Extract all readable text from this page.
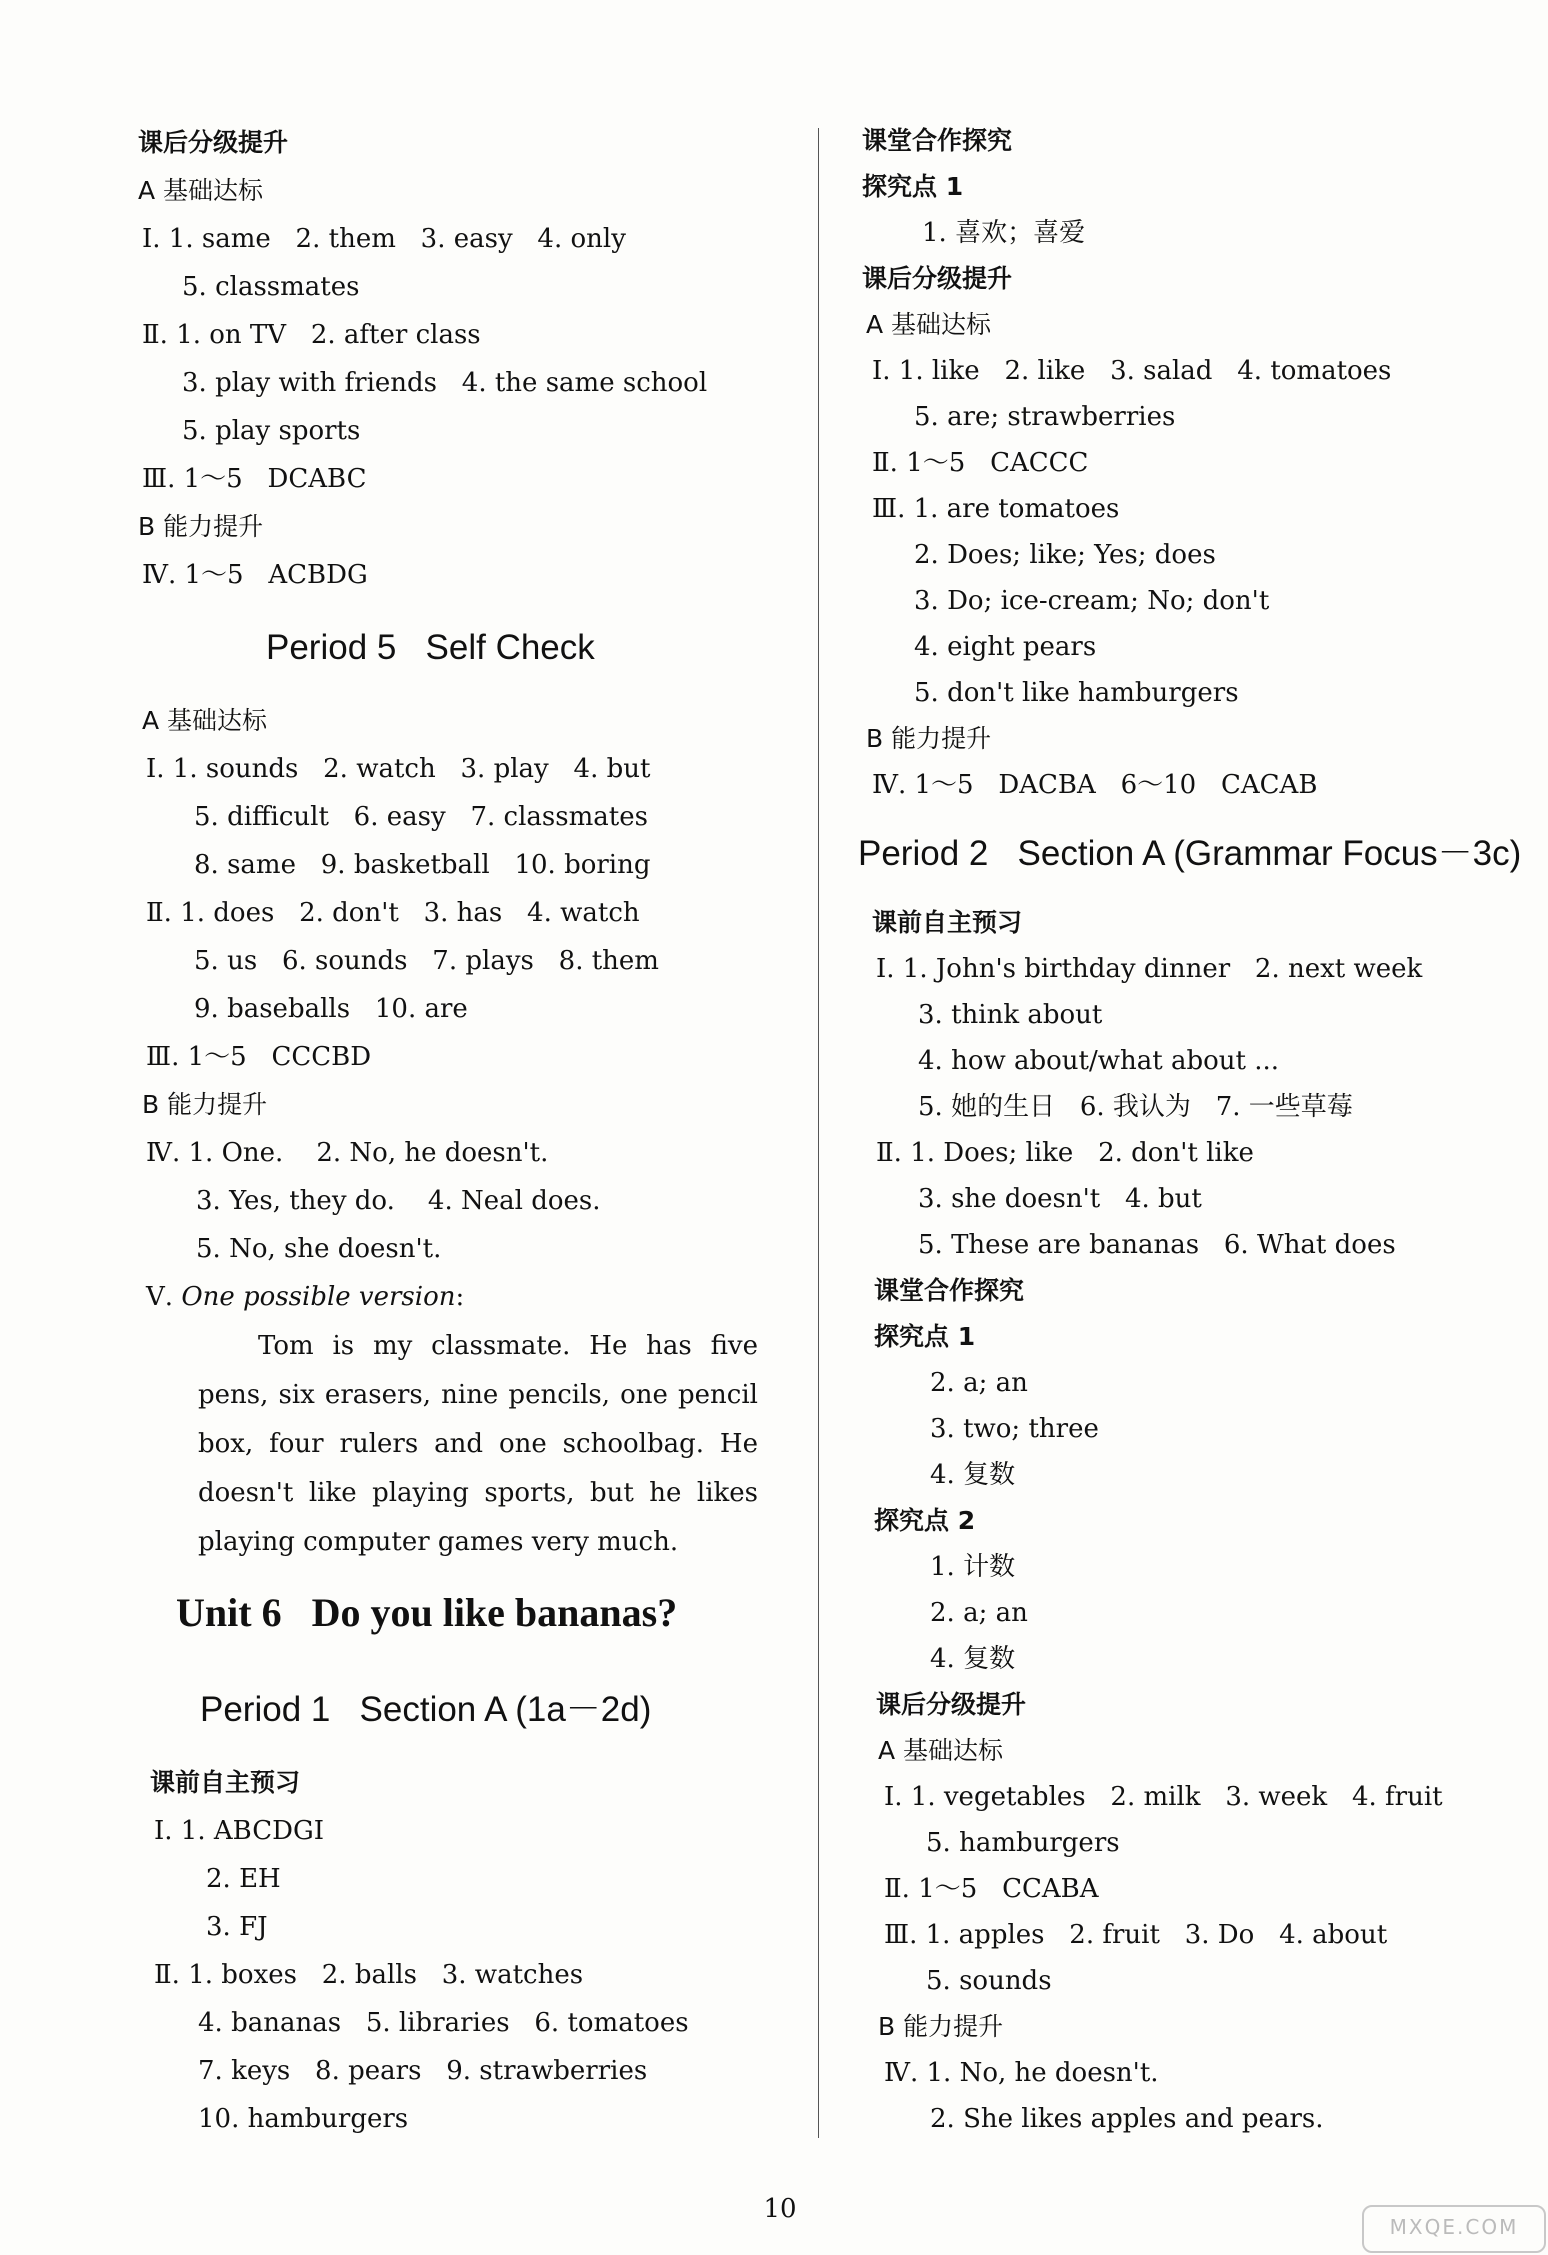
课后分级提升
A 基础达标
Ⅰ. 1. same   2. them   3. easy   4. only
5. classmates
Ⅱ. 1. on TV   2. after class
3. play with friends   4. the same school
5. play sports
Ⅲ. 1～5   DCABC
B 能力提升
Ⅳ. 1～5   ACBDG
Period 5   Self Check
A 基础达标
Ⅰ. 1. sounds   2. watch   3. play   4. but
5. difficult   6. easy   7. classmates
8. same   9. basketball   10. boring
Ⅱ. 1. does   2. don't   3. has   4. watch
5. us   6. sounds   7. plays   8. them
9. baseballs   10. are
Ⅲ. 1～5   CCCBD
B 能力提升
Ⅳ. 1. One.    2. No, he doesn't.
3. Yes, they do.    4. Neal does.
5. No, she doesn't.
Ⅴ. One possible version:
Tom is my classmate. He has five pens, six erasers, nine pencils, one pencil box, four rulers and one schoolbag. He doesn't like playing sports, but he likes playing computer games very much.
Unit 6   Do you like bananas?
Period 1   Section A (1a－2d)
课前自主预习
Ⅰ. 1. ABCDGI
2. EH
3. FJ
Ⅱ. 1. boxes   2. balls   3. watches
4. bananas   5. libraries   6. tomatoes
7. keys   8. pears   9. strawberries
10. hamburgers
课堂合作探究
探究点 1
1. 喜欢；喜爱
课后分级提升
A 基础达标
Ⅰ. 1. like   2. like   3. salad   4. tomatoes
5. are; strawberries
Ⅱ. 1～5   CACCC
Ⅲ. 1. are tomatoes
2. Does; like; Yes; does
3. Do; ice-cream; No; don't
4. eight pears
5. don't like hamburgers
B 能力提升
Ⅳ. 1～5   DACBA   6～10   CACAB
Period 2   Section A (Grammar Focus－3c)
课前自主预习
Ⅰ. 1. John's birthday dinner   2. next week
3. think about
4. how about/what about ...
5. 她的生日   6. 我认为   7. 一些草莓
Ⅱ. 1. Does; like   2. don't like
3. she doesn't   4. but
5. These are bananas   6. What does
课堂合作探究
探究点 1
2. a; an
3. two; three
4. 复数
探究点 2
1. 计数
2. a; an
4. 复数
课后分级提升
A 基础达标
Ⅰ. 1. vegetables   2. milk   3. week   4. fruit
5. hamburgers
Ⅱ. 1～5   CCABA
Ⅲ. 1. apples   2. fruit   3. Do   4. about
5. sounds
B 能力提升
Ⅳ. 1. No, he doesn't.
2. She likes apples and pears.
10
MXQE.COM
